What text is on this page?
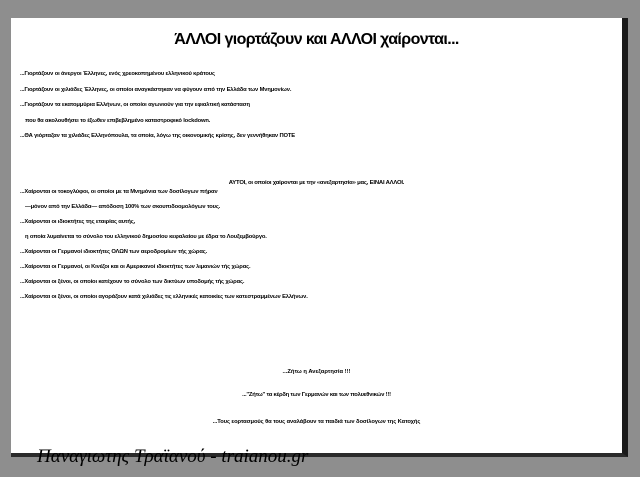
ΆΛΛΟΙ γιορτάζουν και ΑΛΛΟΙ χαίρονται...
...Γιορτάζουν οι άνεργοι Έλληνες, ενός χρεοκοπημένου ελληνικού κράτους
...Γιορτάζουν οι χιλιάδες Έλληνες, οι οποίοι αναγκάστηκαν να φύγουν από την Ελλάδα των Μνημονίων.
...Γιορτάζουν τα εκατομμύρια Ελλήνων, οι οποίοι αγωνιούν για την εφιαλτική κατάσταση
που θα ακολουθήσει το έξωθεν επιβεβλημένο καταστροφικό lockdown.
...ΘΑ γιόρταζαν τα χιλιάδες Ελληνόπουλα, τα οποία, λόγω της οικονομικής κρίσης, δεν γεννήθηκαν ΠΟΤΕ

ΑΥΤΟΙ, οι οποίοι χαίρονται με την «ανεξαρτησία» μας, ΕΙΝΑΙ ΑΛΛΟΙ.

...Χαίρονται οι τοκογλύφοι, οι οποίοι με τα Μνημόνια των δοσίλογων πήραν
—μόνον από την Ελλάδα— απόδοση 100% των σκουπιδοομολόγων τους.
...Χαίρονται οι ιδιοκτήτες της εταιρίας αυτής,
η οποία λυμαίνεται το σύνολο του ελληνικού δημοσίου κεφαλαίου με έδρα το Λουξεμβούργο.
...Χαίρονται οι Γερμανοί ιδιοκτήτες ΟΛΩΝ των αεροδρομίων τής χώρας.
...Χαίρονται οι Γερμανοί, οι Κινέζοι και οι Αμερικανοί ιδιοκτήτες των λιμανιών τής χώρας.
...Χαίρονται οι ξένοι, οι οποίοι κατέχουν το σύνολο των δικτύων υποδομής τής χώρας.
...Χαίρονται οι ξένοι, οι οποίοι αγοράζουν κατά χιλιάδες τις ελληνικές κατοικίες των κατεστραμμένων Ελλήνων.

...Ζήτω η Ανεξαρτησία !!!

..."Ζήτω" τα κέρδη των Γερμανών και των πολυεθνικών !!!

...Τους εορτασμούς θα τους αναλάβουν τα παιδιά των δοσίλογων της Κατοχής

Παναγιωτης Τραϊανού - traianou.gr
